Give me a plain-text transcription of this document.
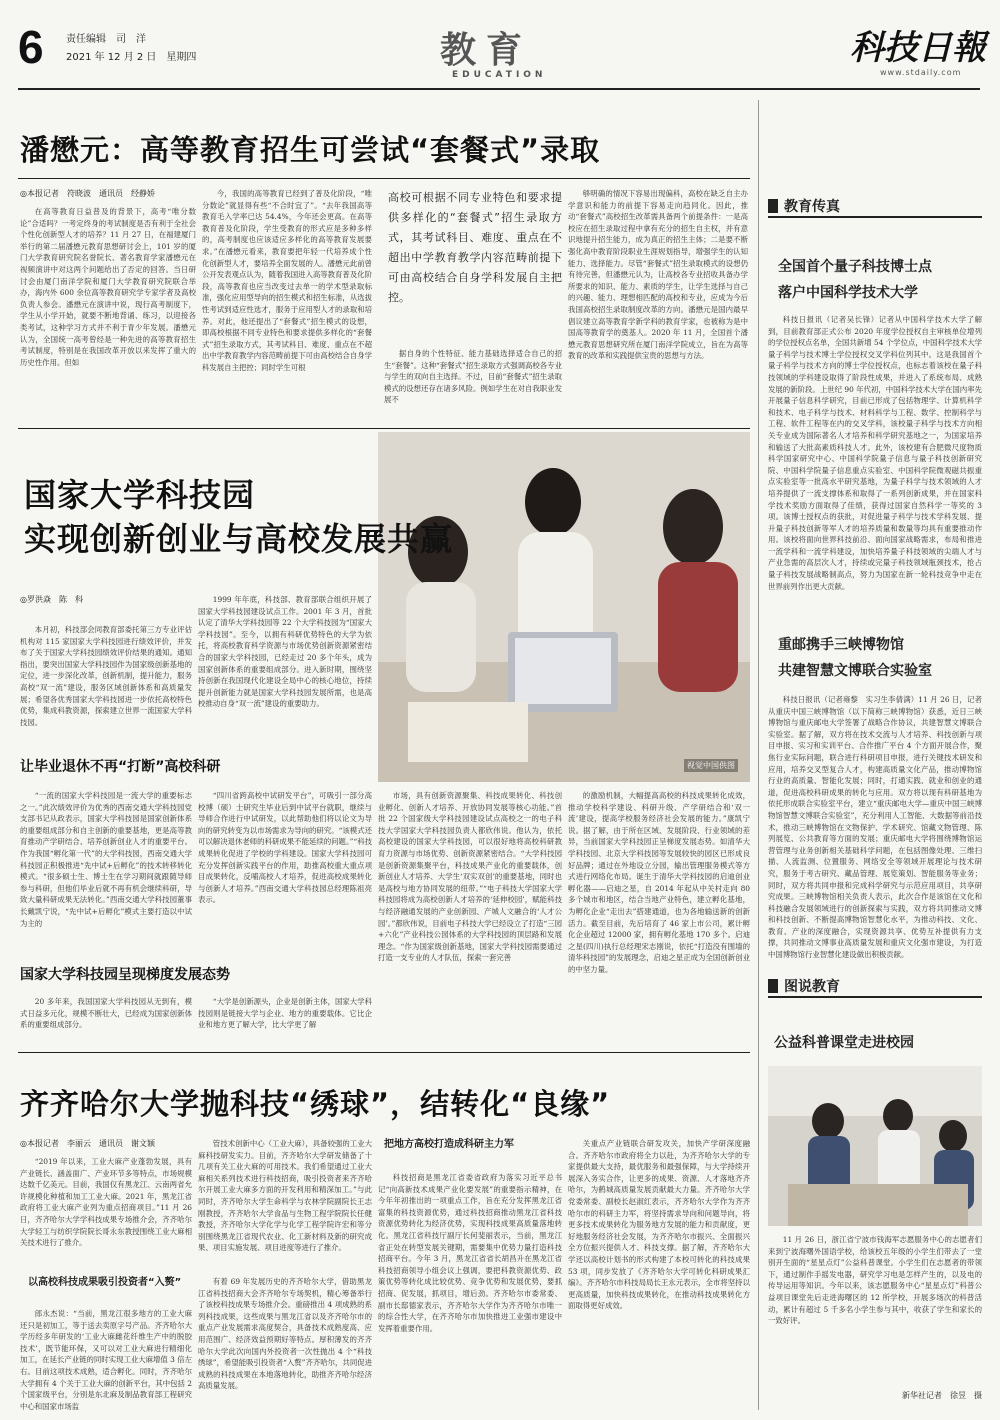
6 责任编辑　司　洋
2021 年 12 月 2 日　星期四	教育
EDUCATION
科技日報
www.stdaily.com
潘懋元：高等教育招生可尝试“套餐式”录取
◎本报记者　符晓波　通讯员　经静娇
在高等教育日益普及的背景下，高考“唯分数论”合适吗？一考定终身的考试制度是否有利于全社会个性化创新型人才的培养？11 月 27 日，在福建厦门举行的第二届潘懋元教育思想研讨会上，101 岁的厦门大学教育研究院名誉院长、著名教育学家潘懋元在视频演讲中对这两个问题给出了否定的回答。当日研讨会由厦门南洋学院和厦门大学教育研究院联合举办，海内外 600 余位高等教育研究学专家学者及高校负责人参会。潘懋元在演讲中说，现行高考制度下，学生从小学开始，就要不断地背诵、练习，以迎接各类考试，这种学习方式并不利于青少年发展。潘懋元认为，全国统一高考曾经是一种先进的高等教育招生考试制度，特别是在我国改革开放以来发挥了重大的历史性作用。但如
今，我国的高等教育已经到了普及化阶段，“唯分数论”就显得有些“不合时宜了”。“去年我国高等教育毛入学率已达 54.4%，今年还会更高。在高等教育普及化阶段，学生受教育的形式应是多种多样的，高考制度也应该适应多样化的高等教育发展要求。”在潘懋元看来，教育要把年轻一代培养成个性化创新型人才，要培养全面发展的人。潘懋元此前曾公开发表观点认为，随着我国进入高等教育普及化阶段，高等教育也应当改变过去单一的学术型录取标准，强化应用型导向的招生模式和招生标准，从选拔性考试到适应性选才，服务于应用型人才的录取和培养。对此，他还提出了“套餐式”招生模式的设想，即高校根据不同专业特色和要求提供多样化的“套餐式”招生录取方式，其考试科目、难度、重点在不超出中学教育教学内容范畴前提下可由高校结合自身学科发展自主把控；同时学生可根
高校可根据不同专业特色和要求提供多样化的“套餐式”招生录取方式，其考试科目、难度、重点在不超出中学教育教学内容范畴前提下可由高校结合自身学科发展自主把控。
据自身的个性特征、能力基础选择适合自己的招生“套餐”。这种“套餐式”招生录取方式强调高校各专业与学生的双向自主选择。不过，目前“套餐式”招生录取模式的设想还存在诸多风险。例如学生在对自我职业发展不
够明确的情况下容易出现偏科，高校在缺乏自主办学意识和能力的前提下容易走向趋同化。因此，推动“套餐式”高校招生改革需具备两个前提条件：一是高校应在招生录取过程中拿有充分的招生自主权，并有意识地提升招生能力，成为真正的招生主体；二是要不断强化高中教育阶段职业生涯规划指导，增强学生的认知能力、选择能力。尽管“套餐式”招生录取模式的设想仍有待完善，但潘懋元认为，让高校各专业招收具备办学所要求的知识、能力、素质的学生，让学生选择与自己的兴趣、能力、理想相匹配的高校和专业，应成为今后我国高校招生录取制度改革的方向。潘懋元是国内最早倡议建立高等教育学新学科的教育学家，也被称为是中国高等教育学的奠基人。2020 年 11 月，全国首个潘懋元教育思想研究所在厦门南洋学院成立，旨在为高等教育的改革和实践提供宝贵的思想与方法。
视觉中国供图
国家大学科技园
实现创新创业与高校发展共赢
◎罗洪焱　陈　科
本月初，科技部会同教育部委托第三方专业评估机构对 115 家国家大学科技园进行绩效评价，并发布了关于国家大学科技园绩效评价结果的通知。通知指出，要突出国家大学科技园作为国家级创新基地的定位，进一步深化改革，创新机制，提升能力，服务高校“双一流”建设，服务区域创新体系和高质量发展；希望各优秀国家大学科技园进一步依托高校特色优势，集成科教资源，探索建立世界一流国家大学科技园。
1999 年年底，科技部、教育部联合组织开展了国家大学科技园建设试点工作。2001 年 3 月，首批认定了清华大学科技园等 22 个大学科技园为“国家大学科技园”。至今，以拥有科研优势特色的大学为依托，将高校教育科学资源与市场优势创新资源紧密结合的国家大学科技园，已经走过 20 多个年头，成为国家创新体系的重要组成部分。进入新时期，围绕坚持创新在我国现代化建设全局中心的核心地位，持续提升创新能力就是国家大学科技园发展所需，也是高校推动自身“双一流”建设的重要助力。
让毕业退休不再“打断”高校科研
“一流的国家大学科技园是一流大学的重要标志之一。”此次绩效评价为优秀的西南交通大学科技园党支部书记从政表示，国家大学科技园是国家创新体系的重要组成部分和自主创新的重要基地，更是高等教育推动产学研结合、培养创新创业人才的重要平台。作为我国“孵化第一代”的大学科技园，西南交通大学科技园正积极推进“先中试+后孵化”的技术转移转化模式。“很多硕士生、博士生在学习期间就跟随导师参与科研，但他们毕业后就不再有机会继续科研，导致大量科研成果无法转化。”西南交通大学科技园董事长戴凯宁说，“先中试+后孵化”模式主要打造以中试为主的
“四川省跨高校中试研发平台”，可吸引一部分高校博（硕）士研究生毕业后到中试平台就职，继续与导师合作进行中试研发，以此帮助他们将以论文为导向的研究转变为以市场需求为导向的研究。“该模式还可以解决退休老师的科研成果不能延续的问题。”“科技成果转化促进了学校的学科建设。国家大学科技园可充分发挥创新实践平台的作用，助推高校重大重点项目成果转化，反哺高校人才培养，促进高校成果转化与创新人才培养。”西南交通大学科技园总经理陈祖亮表示。
市场，具有创新资源聚集、科技成果转化、科技创业孵化、创新人才培养、开放协同发展等核心功能。”首批 22 个国家级大学科技园建设试点高校之一的电子科技大学国家大学科技园负责人都欣伟说。他认为，依托高校建设的国家大学科技园，可以很好地将高校科研教育力资源与市场优势、创新资源紧密结合。“大学科技园是创新资源集聚平台，科技成果产业化的重要载体，创新创业人才培养、大学生‘双实双创’的重要基地，同时也是高校与地方协同发展的纽带。”“电子科技大学国家大学科技园将成为高校创新人才培养的‘延伸校园’，赋能科技与经济融通发展的产业创新园、产城人文融合的‘人才公园’。”都欣伟说，目前电子科技大学已经设立了打造“三园+六化”产业科技公园体系的大学科技园的顶层路和发展理念。“作为国家级创新基地，国家大学科技园需要通过打造一支专业的人才队伍，探索一套完善
的激励机制，大幅提高高校的科技成果转化成效，推动学校科学建设、科研升级、产学研结合和‘双一流’建设，提高学校服务经济社会发展的能力。”康凯宁说。据了解，由于所在区域、发展阶段、行业领域的差异，当前国家大学科技园正呈梯度发展态势。如清华大学科技园、北京大学科技园等发展较快的园区已形成良好品牌；通过在外地设立分园，输出管理服务模式等方式进行网络化布局。诞生于清华大学科技园的启迪创业孵化器——启迪之星，自 2014 年起从中关村走向 80 多个城市和地区，结合当地产业特色，建立孵化基地，为孵化企业“走出去”搭建通道，也为各地输送新的创新活力。截至目前，先后培育了 46 家上市公司，累计孵化企业超过 12000 家，拥有孵化基地 170 多个。启迪之星(四川)执行总经理宋志刚说，依托“打造没有围墙的清华科技园”的发展理念，启迪之星正成为全国创新创业的中坚力量。
国家大学科技园呈现梯度发展态势
20 多年来，我国国家大学科技园从无到有，模式日益多元化，规模不断壮大，已经成为国家创新体系的重要组成部分。
“大学是创新源头，企业是创新主体，国家大学科技园则是链接大学与企业、地方的重要载体。它比企业和地方更了解大学，比大学更了解
齐齐哈尔大学抛科技“绣球”，结转化“良缘”
◎本报记者　李丽云　通讯员　谢文颖
“2019 年以来，工业大麻产业蓬勃发展，具有产业链长、涵盖面广、产业环节多等特点，市场规模达数千亿美元。目前，我国仅有黑龙江、云南两省允许规模化种植和加工工业大麻。2021 年，黑龙江省政府将工业大麻产业列为重点招商项目。”11 月 26 日，齐齐哈尔大学学科技成果专场推介会，齐齐哈尔大学轻工与纺织学院院长哥永东教授围绕工业大麻相关技术进行了推介。
以高校科技成果吸引投资者“入赘”
郎永杰说：“当前，黑龙江很多地方的工业大麻还只是初加工，等于送去卖原字号产品。齐齐哈尔大学历经多年研发的‘工业大麻雌花纤维生产中的脱胶技术’，既节能环保，又可以对工业大麻进行精细化加工，在延长产业链的同时实现工业大麻增值 3 倍左右。目前这项技术成熟，适合孵化。同时，齐齐哈尔大学拥有 4 个关于工业大麻的创新平台，其中包括 2 个国家级平台，分别是东北麻及制品教育部工程研究中心和国家市场监
管技术创新中心（工业大麻），具备较强的工业大麻科技研发实力。目前，齐齐哈尔大学研发储备了十几项有关工业大麻的可用技术。我们希望通过工业大麻相关系列技术进行科技招商，吸引投资者来齐齐哈尔开展工业大麻多方面的开发利用和精深加工。”与此同时，齐齐哈尔大学生命科学与农林学院副院长王志刚教授，齐齐哈尔大学食品与生物工程学院院长任健教授，齐齐哈尔大学化学与化学工程学院许宏和等分别围绕黑龙江省现代农业、化工新材料及新的研究成果、项目实施发展、项目进度等进行了推介。
有着 69 年发展历史的齐齐哈尔大学，借助黑龙江省科技招商大会齐齐哈尔专场契机，精心筹备举行了该校科技成果专场推介会。重磅推出 4 项成熟的系列科技成果，这些成果与黑龙江省以及齐齐哈尔市的重点产业发展需求高度契合，具备技术成熟度高、应用范围广、经济效益预期好等特点。厚积薄发的齐齐哈尔大学此次向国内外投资者一次性抛出 4 个“科技绣球”，希望能吸引投资者“入赘”齐齐哈尔，共同促进成熟的科技成果在本地落地转化，助推齐齐哈尔经济高质量发展。
把地方高校打造成科研主力军
科技招商是黑龙江省委省政府为落实习近平总书记“向高新技术成果产业化要发展”的重要指示精神，在今年年初推出的一项重点工作，旨在充分发挥黑龙江省富集的科技资源优势，通过科技招商推动黑龙江省科技资源优势转化为经济优势，实现科技成果高质量落地转化。黑龙江省科技厅副厅长何斐丽表示，当前，黑龙江省正处在转型发展关键期，需要集中优势力量打造科技招商平台。今年 3 月，黑龙江省省长胡昌升在黑龙江省科技招商领导小组会议上强调，要把科教资源优势、政策优势等转化成比较优势、竞争优势和发展优势，要抓招商、促发展，抓项目，增后劲。齐齐哈尔市委常委、副市长邸德家表示，齐齐哈尔大学作为齐齐哈尔市唯一的综合性大学，在齐齐哈尔市加快推进工业强市建设中发挥着重要作用。
关重点产业链联合研发攻关，加快产学研深度融合。齐齐哈尔市政府将全力以赴，为齐齐哈尔大学的专家提供最大支持，最优服务和最强保障，与大学持续开展深入务实合作，让更多的成果、资源、人才落地齐齐哈尔，为鹤城高质量发展贡献最大力量。齐齐哈尔大学党委常委、副校长赵淑红表示，齐齐哈尔大学作为齐齐哈尔市的科研主力军，将坚持需求导向和问题导向，将更多技术成果转化为服务地方发展的能力和贡献度，更好地服务经济社会发展，为齐齐哈尔市振兴、全面振兴全方位振兴提供人才、科技支撑。据了解，齐齐哈尔大学还以高校计划书的形式构建了本校可转化的科技成果 53 项，同步发放了《齐齐哈尔大学可转化科研成果汇编》。齐齐哈尔市科技局局长王永元表示，全市将坚持以更高质量，加快科技成果转化，在推动科技成果转化方面取得更好成效。
教育传真
全国首个量子科技博士点
落户中国科学技术大学
科技日报讯（记者吴长锋）记者从中国科学技术大学了解到，目前教育部正式公布 2020 年度学位授权自主审核单位增列的学位授权点名单，全国共新增 54 个学位点，中国科学技术大学量子科学与技术博士学位授权交叉学科位列其中。这是我国首个量子科学与技术方向的博士学位授权点，也标志着该校在量子科技领域的学科建设取得了阶段性成果，并进入了系统布局、成熟发展的新阶段。上世纪 90 年代初，中国科学技术大学在国内率先开展量子信息科学研究，目前已形成了包括物理学、计算机科学和技术、电子科学与技术、材料科学与工程、数学、控制科学与工程、软件工程等在内的交叉学科，该校量子科学与技术方向相关专业成为国际著名人才培养和科学研究基地之一，为国家培养和输送了大批高素质科技人才。此外，该校建有合肥微尺度物质科学国家研究中心、中国科学院量子信息与量子科技创新研究院、中国科学院量子信息重点实验室、中国科学院微观磁共振重点实验室等一批高水平研究基地，为量子科学与技术领域的人才培养提供了一流支撑体系和取得了一系列创新成果，并在国家科学技术奖励方面取得了佳绩，获得过国家自然科学一等奖的 3 项。该博士授权点的获批，对促进量子科学与技术学科发展、提升量子科技创新等军人才的培养质量和数量等均具有重要推动作用。该校将面向世界科技前沿、面向国家战略需求，布局和推进一流学科和一流学科建设，加快培养量子科技领域的尖端人才与产业急需的高层次人才，持续或完量子科技领域瓶颈技术，抢占量子科技发展战略制高点，努力为国家在新一轮科技竞争中走在世界前列作出更大贡献。
重邮携手三峡博物馆
共建智慧文博联合实验室
科技日报讯（记者雍黎　实习生李倩满）11 月 26 日，记者从重庆中国三峡博物馆（以下简称三峡博物馆）获悉，近日三峡博物馆与重庆邮电大学签署了战略合作协议，共建智慧文博联合实验室。据了解，双方将在技术交流与人才培养、科技创新与项目申报、实习和实训平台、合作推广平台 4 个方面开展合作，聚焦行业实际问题，联合进行科研项目申报，进行关键技术研发和应用，培养交叉型复合人才，构建高质量文化产品，推动博物馆行业的高质量、智能化发展；同时，打通实践、就业和创业的通道，促进高校科研成果的转化与应用。双方将以现有科研基地为依托形成联合实验室平台，建立“重庆邮电大学—重庆中国三峡博物馆智慧文博联合实验室”，充分利用人工智能、大数据等前沿技术，推动三峡博物馆在文物保护、学术研究、馆藏文物管理、陈列展览、公共教育等方面的发展；重庆邮电大学将围绕博物馆运营管理与业务创新相关基础科学问题，在包括图像处理、三维扫描、人流监测、位置服务、网络安全等领域开展理论与技术研究，服务于考古研究、藏品管理、展览策划、智能服务等业务；同时，双方将共同申报和完成科学研究与示范应用项目，共享研究成果。三峡博物馆相关负责人表示，此次合作是该馆在文化和科技融合发展领域进行的创新探索与实践，双方将共同推动文博和科技创新、不断提高博物馆智慧化水平，为推动科技、文化、教育、产业的深度融合，实现资源共享、优势互补提供有力支撑，共同推动文博事业高质量发展和重庆文化强市建设，为打造中国博物馆行业智慧化建设做出积极贡献。
图说教育
公益科普课堂走进校园
11 月 26 日，浙江省宁波市钱海军志愿服务中心的志愿者们来到宁波海曙外国语学校，给该校五年级的小学生们带去了一堂别开生面的“星星点灯”公益科普课堂。小学生们在志愿者的带领下，通过制作手摇发电器，研究学习电是怎样产生的，以及电的传导运用等知识。今年以来，该志愿服务中心“星星点灯”科普公益项目课堂先后走进海曙区的 12 所学校，开展多场次的科普活动，累计有超过 5 千多名小学生参与其中，收获了学生和家长的一致好评。
新华社记者　徐昱　摄
